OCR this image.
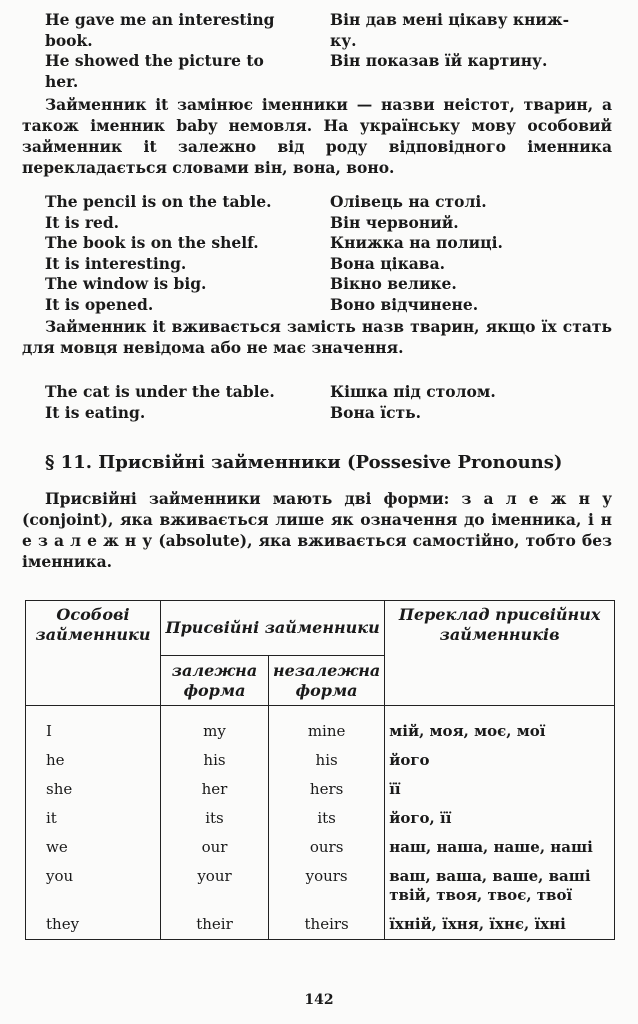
He gave me an interesting	Він дав мені цікаву книж-
book.	ку.
He showed the picture to	Він показав їй картину.
her.

Займенник it замінює іменники — назви неістот, тварин, а також іменник baby немовля. На українську мову особовий займенник it залежно від роду відповідного іменника перекладається словами він, вона, воно.

The pencil is on the table.	Олівець на столі.
It is red.	Він червоний.
The book is on the shelf.	Книжка на полиці.
It is interesting.	Вона цікава.
The window is big.	Вікно велике.
It is opened.	Воно відчинене.

Займенник it вживається замість назв тварин, якщо їх стать для мовця невідома або не має значення.

The cat is under the table.	Кішка під столом.
It is eating.	Вона їсть.
§ 11. Присвійні займенники (Possesive Pronouns)

Присвійні займенники мають дві форми: з а л е ж н у (conjoint), яка вживається лише як означення до іменника, і н е з а л е ж н у (absolute), яка вживається самостійно, тобто без іменника.

Особові займенники	Присвійні займенники		Переклад присвійних займенників
	залежна форма	незалежна форма	
I	my	mine	мій, моя, моє, мої
he	his	his	його
she	her	hers	її
it	its	its	його, її
we	our	ours	наш, наша, наше, наші
you	your	yours	ваш, ваша, ваше, ваші твій, твоя, твоє, твої
they	their	theirs	їхній, їхня, їхнє, їхні
142
